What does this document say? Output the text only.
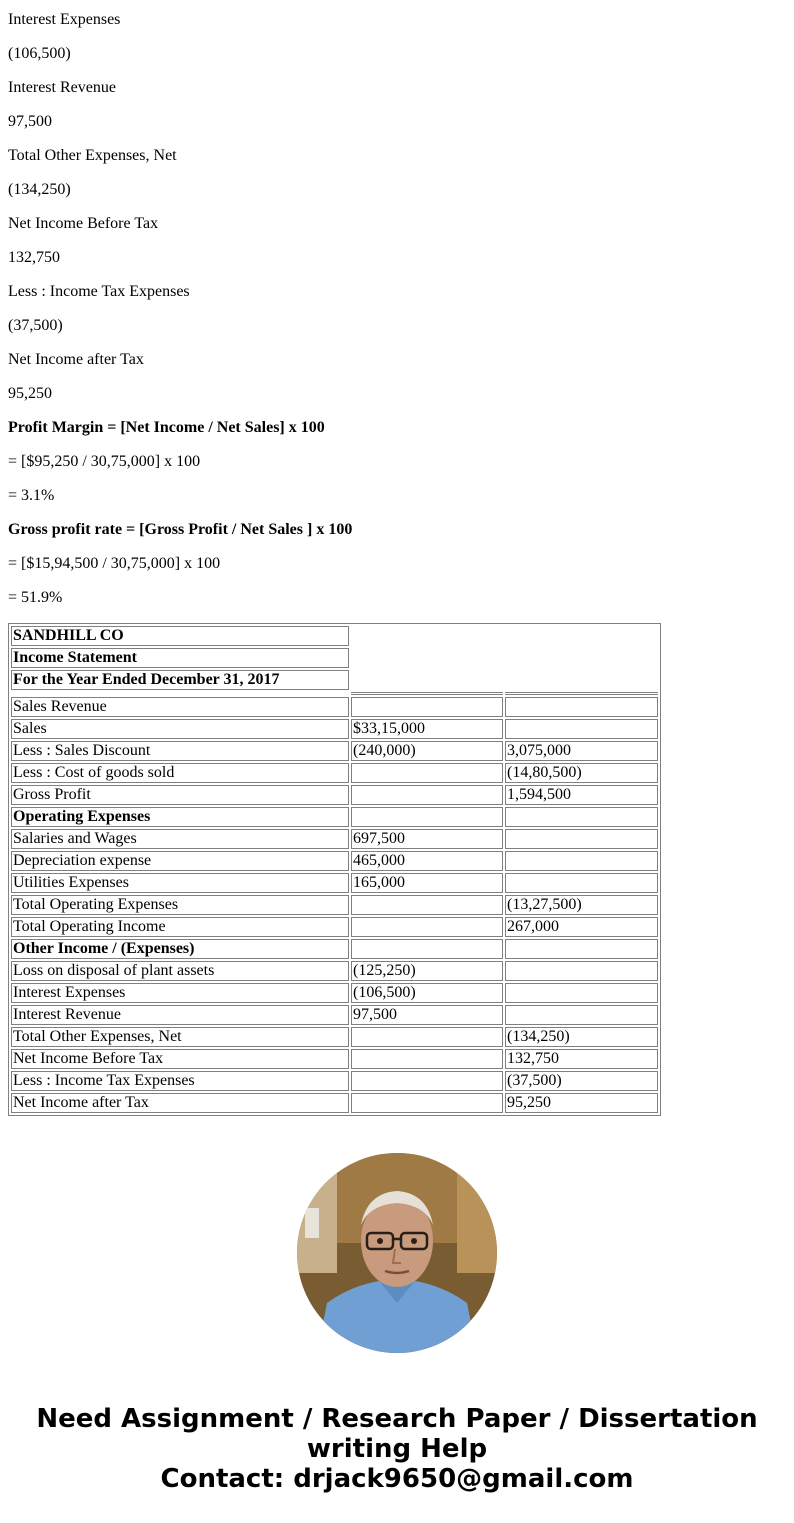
Interest Expenses

(106,500)

Interest Revenue

97,500

Total Other Expenses, Net

(134,250)

Net Income Before Tax

132,750

Less : Income Tax Expenses

(37,500)

Net Income after Tax

95,250

Profit Margin = [Net Income / Net Sales] x 100

= [$95,250 / 30,75,000] x 100

= 3.1%

Gross profit rate = [Gross Profit / Net Sales ] x 100

= [$15,94,500 / 30,75,000] x 100

= 51.9%

SANDHILL CO		
Income Statement		
For the Year Ended December 31, 2017		

Sales Revenue		
Sales	$33,15,000	
Less : Sales Discount	(240,000)	3,075,000
Less : Cost of goods sold		(14,80,500)
Gross Profit		1,594,500
Operating Expenses		
Salaries and Wages	697,500	
Depreciation expense	465,000	
Utilities Expenses	165,000	
Total Operating Expenses		(13,27,500)
Total Operating Income		267,000
Other Income / (Expenses)		
Loss on disposal of plant assets	(125,250)	
Interest Expenses	(106,500)	
Interest Revenue	97,500	
Total Other Expenses, Net		(134,250)
Net Income Before Tax		132,750
Less : Income Tax Expenses		(37,500)
Net Income after Tax		95,250
Need Assignment / Research Paper / Dissertation
writing Help
Contact: drjack9650@gmail.com
